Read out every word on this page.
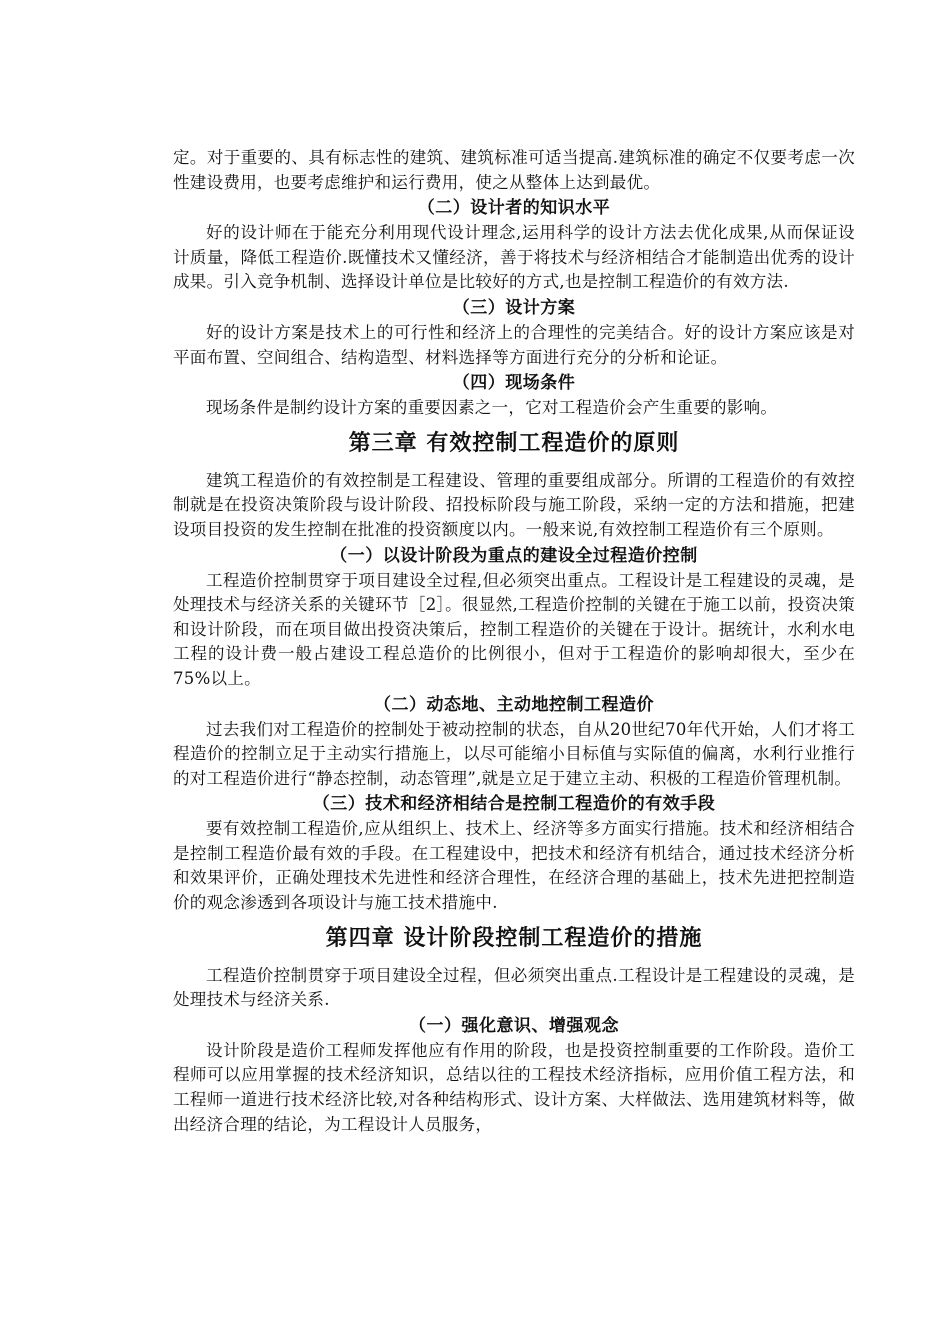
定。对于重要的、具有标志性的建筑、建筑标准可适当提高.建筑标准的确定不仅要考虑一次性建设费用，也要考虑维护和运行费用，使之从整体上达到最优。

（二）设计者的知识水平

好的设计师在于能充分利用现代设计理念,运用科学的设计方法去优化成果,从而保证设计质量，降低工程造价.既懂技术又懂经济，善于将技术与经济相结合才能制造出优秀的设计成果。引入竞争机制、选择设计单位是比较好的方式,也是控制工程造价的有效方法.

（三）设计方案

好的设计方案是技术上的可行性和经济上的合理性的完美结合。好的设计方案应该是对平面布置、空间组合、结构造型、材料选择等方面进行充分的分析和论证。

（四）现场条件

现场条件是制约设计方案的重要因素之一，它对工程造价会产生重要的影响。

第三章 有效控制工程造价的原则

建筑工程造价的有效控制是工程建设、管理的重要组成部分。所谓的工程造价的有效控制就是在投资决策阶段与设计阶段、招投标阶段与施工阶段，采纳一定的方法和措施，把建设项目投资的发生控制在批准的投资额度以内。一般来说,有效控制工程造价有三个原则。

（一）以设计阶段为重点的建设全过程造价控制

工程造价控制贯穿于项目建设全过程,但必须突出重点。工程设计是工程建设的灵魂，是处理技术与经济关系的关键环节［2］。很显然,工程造价控制的关键在于施工以前，投资决策和设计阶段，而在项目做出投资决策后，控制工程造价的关键在于设计。据统计，水利水电工程的设计费一般占建设工程总造价的比例很小，但对于工程造价的影响却很大，至少在75%以上。

（二）动态地、主动地控制工程造价

过去我们对工程造价的控制处于被动控制的状态，自从20世纪70年代开始，人们才将工程造价的控制立足于主动实行措施上，以尽可能缩小目标值与实际值的偏离，水利行业推行的对工程造价进行“静态控制，动态管理”,就是立足于建立主动、积极的工程造价管理机制。

（三）技术和经济相结合是控制工程造价的有效手段

要有效控制工程造价,应从组织上、技术上、经济等多方面实行措施。技术和经济相结合是控制工程造价最有效的手段。在工程建设中，把技术和经济有机结合，通过技术经济分析和效果评价，正确处理技术先进性和经济合理性，在经济合理的基础上，技术先进把控制造价的观念渗透到各项设计与施工技术措施中.

第四章 设计阶段控制工程造价的措施

工程造价控制贯穿于项目建设全过程，但必须突出重点.工程设计是工程建设的灵魂，是处理技术与经济关系.

（一）强化意识、增强观念

设计阶段是造价工程师发挥他应有作用的阶段，也是投资控制重要的工作阶段。造价工程师可以应用掌握的技术经济知识，总结以往的工程技术经济指标，应用价值工程方法，和工程师一道进行技术经济比较,对各种结构形式、设计方案、大样做法、选用建筑材料等，做出经济合理的结论，为工程设计人员服务，
